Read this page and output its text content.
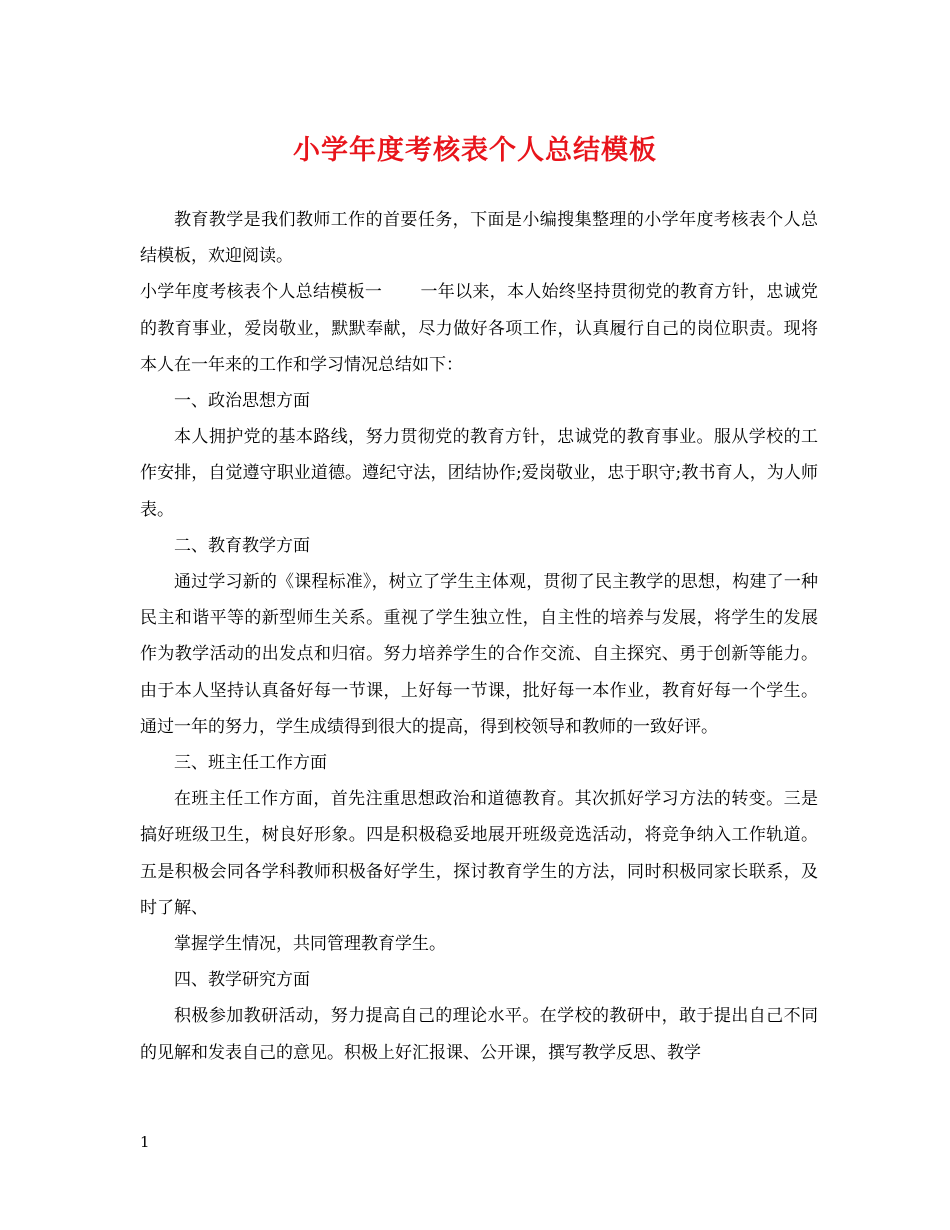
小学年度考核表个人总结模板

教育教学是我们教师工作的首要任务，下面是小编搜集整理的小学年度考核表个人总结模板，欢迎阅读。

小学年度考核表个人总结模板一 一年以来，本人始终坚持贯彻党的教育方针，忠诚党的教育事业，爱岗敬业，默默奉献，尽力做好各项工作，认真履行自己的岗位职责。现将本人在一年来的工作和学习情况总结如下：

一、政治思想方面

本人拥护党的基本路线，努力贯彻党的教育方针，忠诚党的教育事业。服从学校的工作安排，自觉遵守职业道德。遵纪守法，团结协作;爱岗敬业，忠于职守;教书育人，为人师表。

二、教育教学方面

通过学习新的《课程标准》，树立了学生主体观，贯彻了民主教学的思想，构建了一种民主和谐平等的新型师生关系。重视了学生独立性，自主性的培养与发展，将学生的发展作为教学活动的出发点和归宿。努力培养学生的合作交流、自主探究、勇于创新等能力。由于本人坚持认真备好每一节课，上好每一节课，批好每一本作业，教育好每一个学生。通过一年的努力，学生成绩得到很大的提高，得到校领导和教师的一致好评。

三、班主任工作方面

在班主任工作方面，首先注重思想政治和道德教育。其次抓好学习方法的转变。三是搞好班级卫生，树良好形象。四是积极稳妥地展开班级竞选活动，将竞争纳入工作轨道。五是积极会同各学科教师积极备好学生，探讨教育学生的方法，同时积极同家长联系，及时了解、

掌握学生情况，共同管理教育学生。

四、教学研究方面

积极参加教研活动，努力提高自己的理论水平。在学校的教研中，敢于提出自己不同的见解和发表自己的意见。积极上好汇报课、公开课，撰写教学反思、教学

1
